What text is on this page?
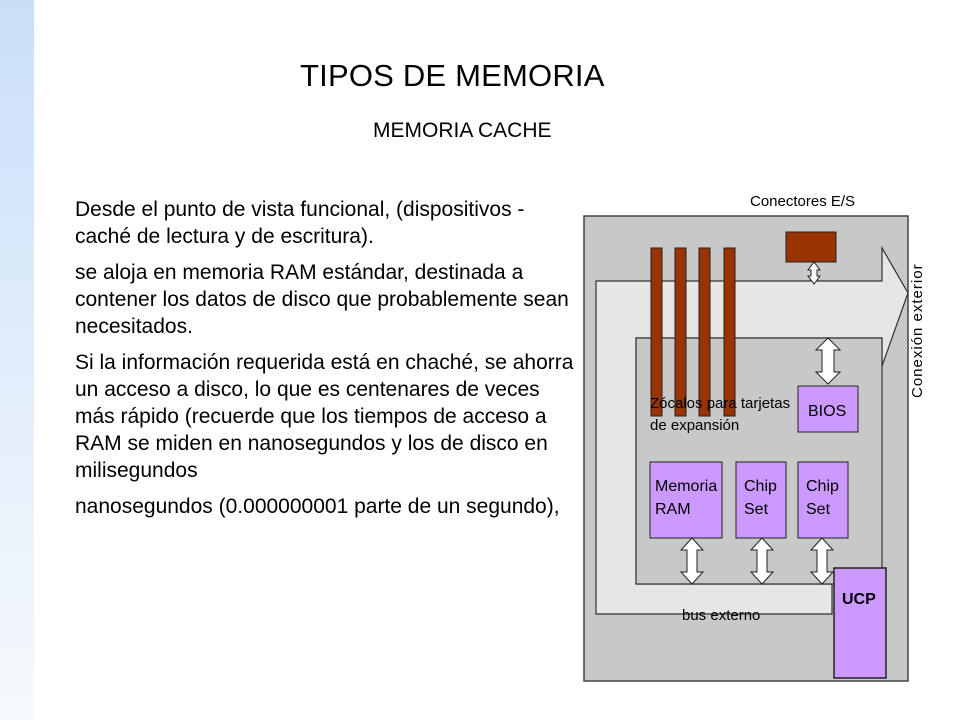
TIPOS DE MEMORIA
MEMORIA CACHE

Desde el punto de vista funcional, (dispositivos - caché de lectura y de escritura).

se aloja en memoria RAM estándar, destinada a contener los datos de disco que probablemente sean necesitados.

Si la información requerida está en chaché, se ahorra un acceso a disco, lo que es centenares de veces más rápido (recuerde que los tiempos de acceso a RAM se miden en nanosegundos y los de disco en milisegundos

nanosegundos (0.000000001 parte de un segundo),

Conectores E/S
Conexión exterior
Zócalos para tarjetas
de expansión
BIOS
Memoria
RAM
Chip
Set
Chip
Set
bus externo
UCP
